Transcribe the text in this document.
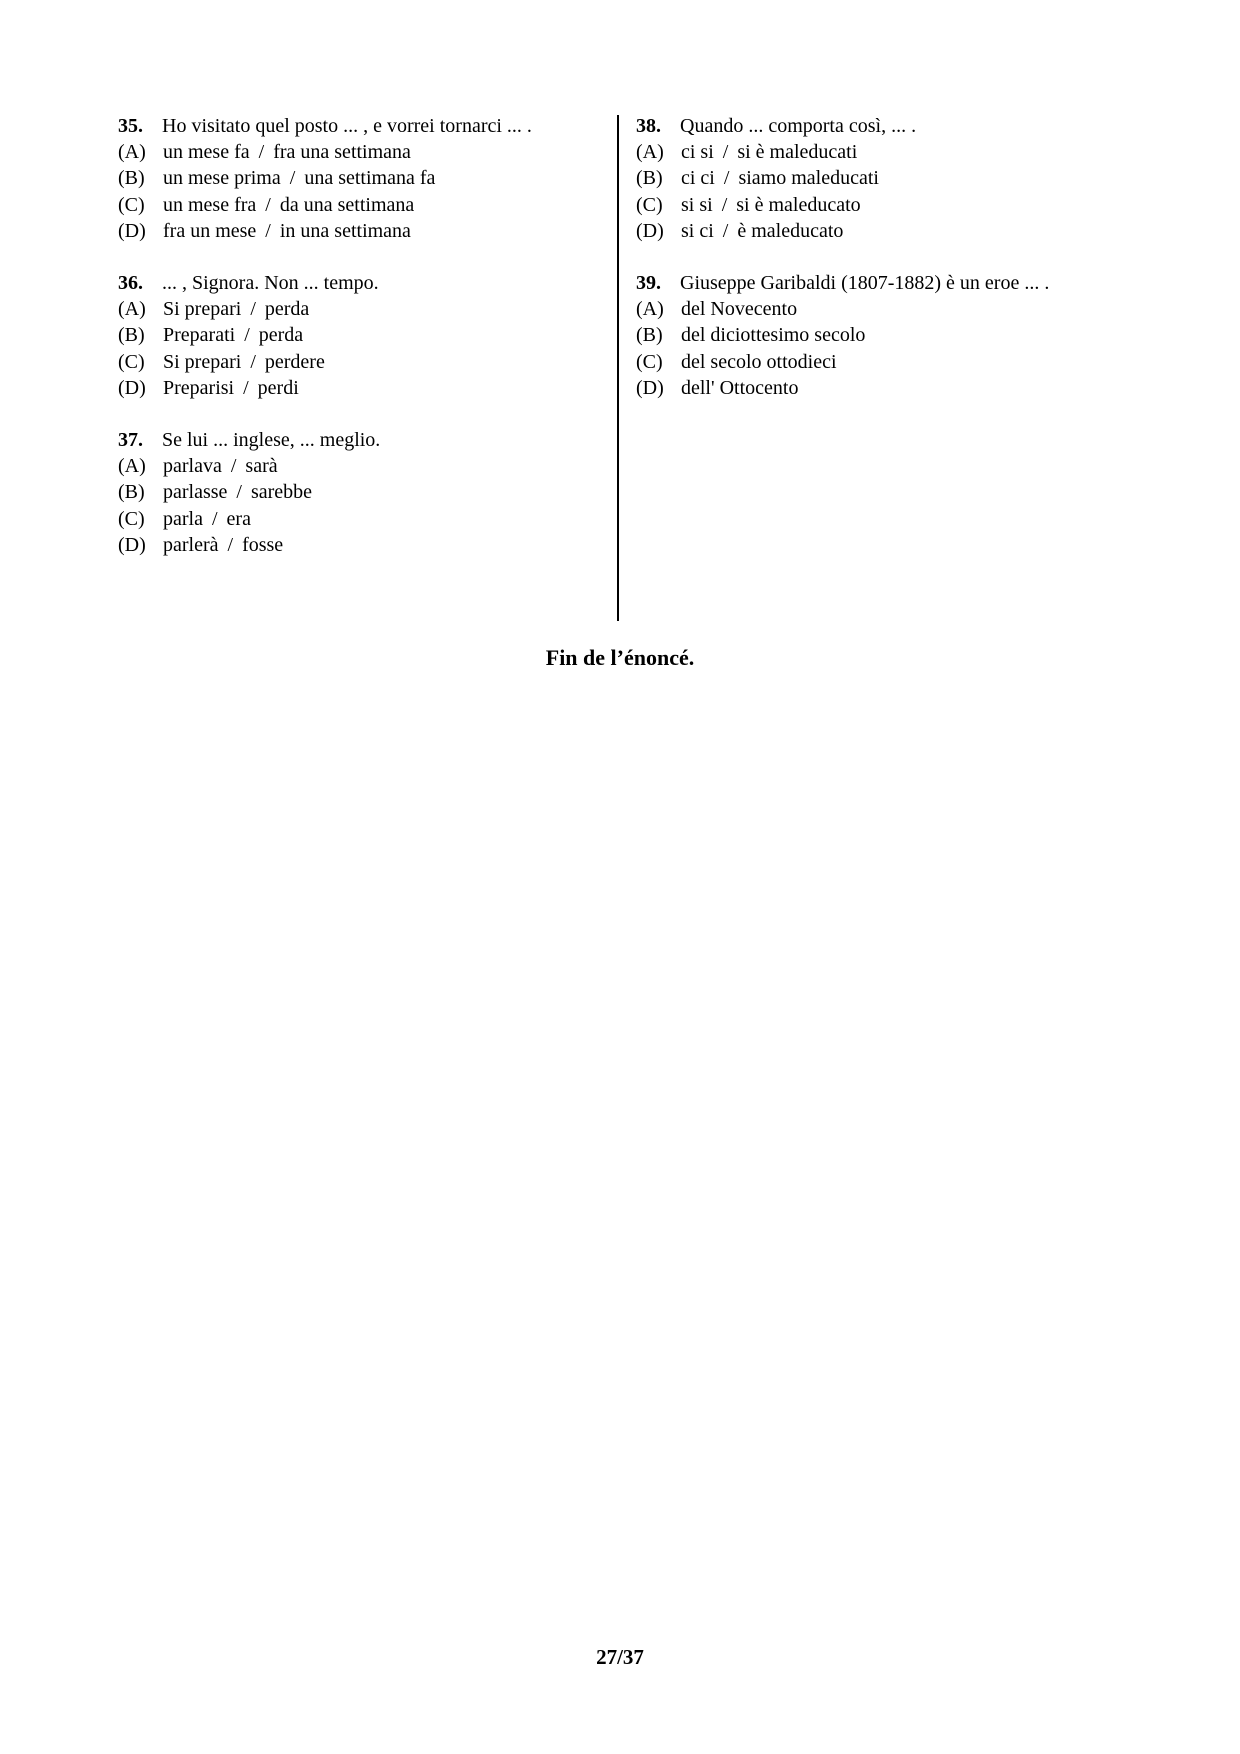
35. Ho visitato quel posto ... , e vorrei tornarci ... .
(A) un mese fa / fra una settimana
(B) un mese prima / una settimana fa
(C) un mese fra / da una settimana
(D) fra un mese / in una settimana
36. ... , Signora. Non ... tempo.
(A) Si prepari / perda
(B) Preparati / perda
(C) Si prepari / perdere
(D) Preparisi / perdi
37. Se lui ... inglese, ... meglio.
(A) parlava / sarà
(B) parlasse / sarebbe
(C) parla / era
(D) parlerà / fosse
38. Quando ... comporta così, ... .
(A) ci si / si è maleducati
(B) ci ci / siamo maleducati
(C) si si / si è maleducato
(D) si ci / è maleducato
39. Giuseppe Garibaldi (1807-1882) è un eroe ... .
(A) del Novecento
(B) del diciottesimo secolo
(C) del secolo ottodieci
(D) dell' Ottocento
Fin de l’énoncé.
27/37
